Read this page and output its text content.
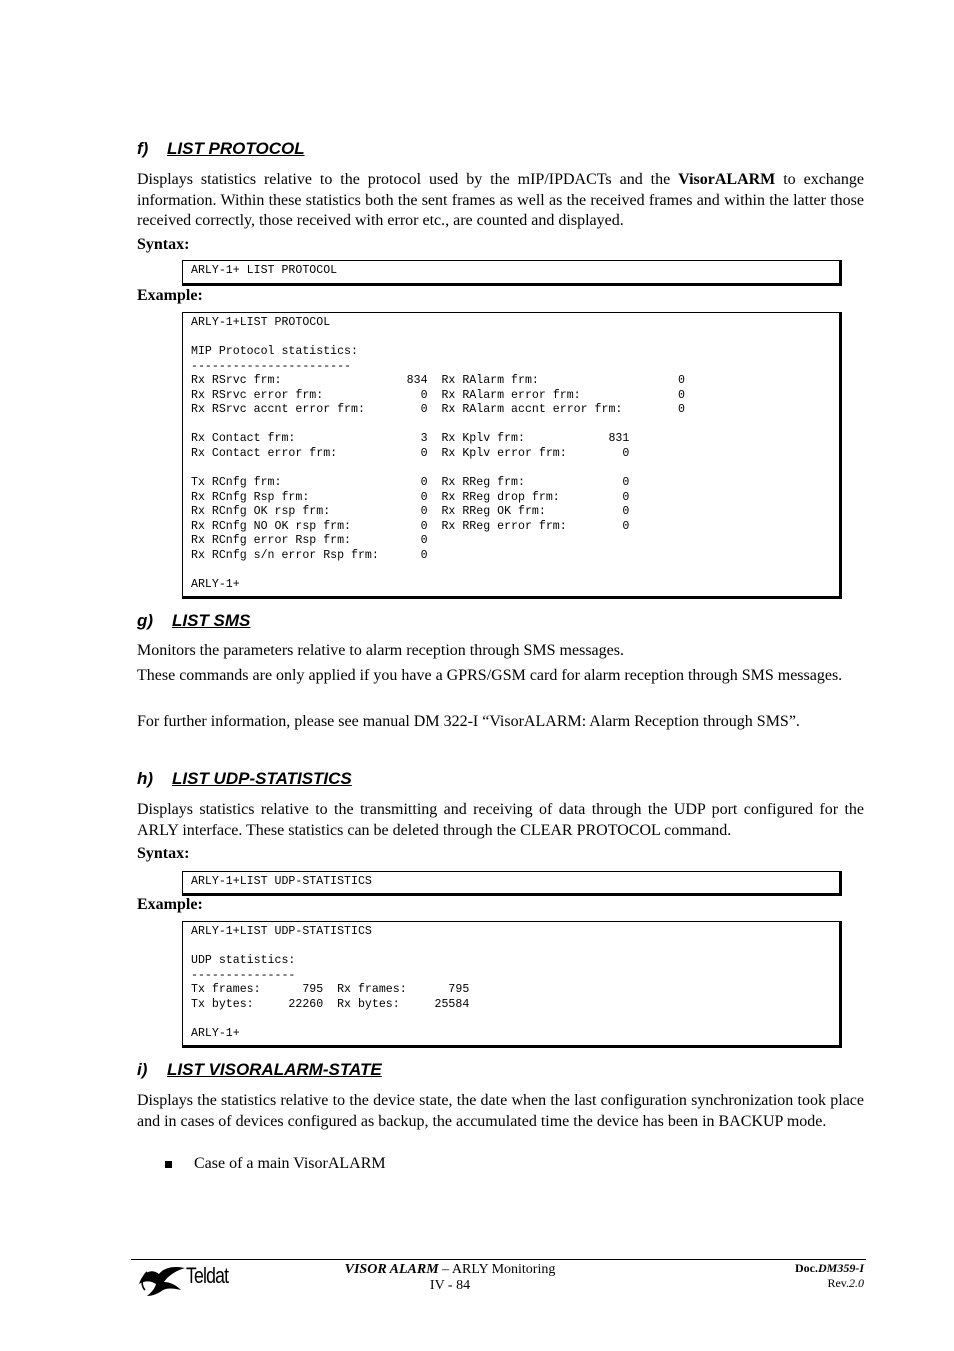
f) LIST PROTOCOL
Displays statistics relative to the protocol used by the mIP/IPDACTs and the VisorALARM to exchange information. Within these statistics both the sent frames as well as the received frames and within the latter those received correctly, those received with error etc., are counted and displayed.
Syntax:
ARLY-1+ LIST PROTOCOL
Example:
ARLY-1+LIST PROTOCOL

MIP Protocol statistics:
-----------------------
Rx RSrvc frm:                  834  Rx RAlarm frm:                    0
Rx RSrvc error frm:              0  Rx RAlarm error frm:              0
Rx RSrvc accnt error frm:        0  Rx RAlarm accnt error frm:        0

Rx Contact frm:                  3  Rx Kplv frm:            831
Rx Contact error frm:            0  Rx Kplv error frm:        0

Tx RCnfg frm:                    0  Rx RReg frm:              0
Rx RCnfg Rsp frm:                0  Rx RReg drop frm:         0
Rx RCnfg OK rsp frm:             0  Rx RReg OK frm:           0
Rx RCnfg NO OK rsp frm:          0  Rx RReg error frm:        0
Rx RCnfg error Rsp frm:          0
Rx RCnfg s/n error Rsp frm:      0

ARLY-1+
g) LIST SMS
Monitors the parameters relative to alarm reception through SMS messages.
These commands are only applied if you have a GPRS/GSM card for alarm reception through SMS messages.
For further information, please see manual DM 322-I “VisorALARM: Alarm Reception through SMS”.
h) LIST UDP-STATISTICS
Displays statistics relative to the transmitting and receiving of data through the UDP port configured for the ARLY interface. These statistics can be deleted through the CLEAR PROTOCOL command.
Syntax:
ARLY-1+LIST UDP-STATISTICS
Example:
ARLY-1+LIST UDP-STATISTICS

UDP statistics:
---------------
Tx frames:      795  Rx frames:      795
Tx bytes:     22260  Rx bytes:     25584

ARLY-1+
i) LIST VISORALARM-STATE
Displays the statistics relative to the device state, the date when the last configuration synchronization took place and in cases of devices configured as backup, the accumulated time the device has been in BACKUP mode.
Case of a main VisorALARM
Teldat	VISOR ALARM – ARLY Monitoring
IV - 84
Doc.DM359-I
Rev.2.0
